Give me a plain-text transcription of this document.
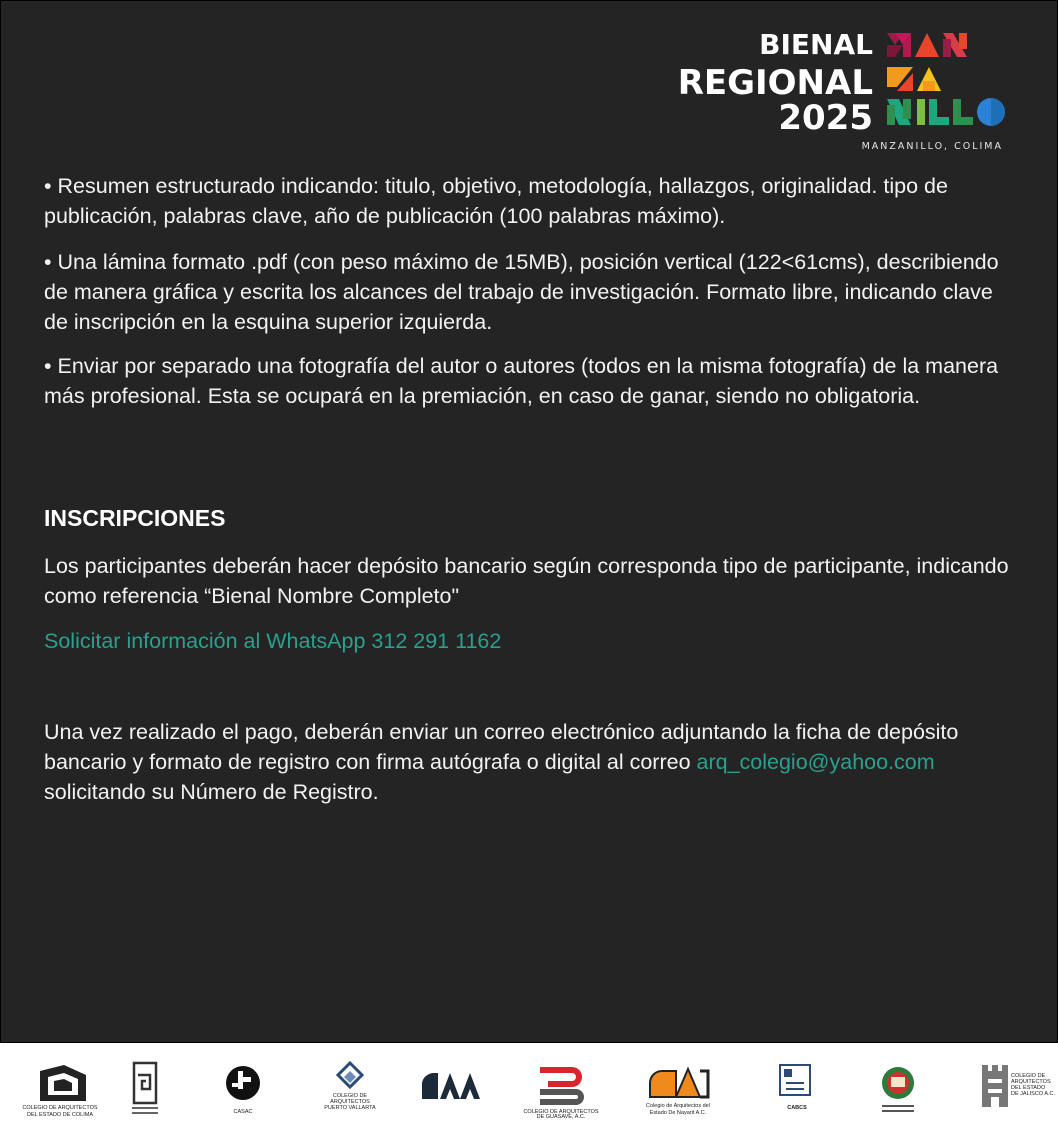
BIENAL
REGIONAL
2025
MANZANILLO, COLIMA

• Resumen estructurado indicando: titulo, objetivo, metodología, hallazgos, originalidad. tipo de publicación, palabras clave, año de publicación (100 palabras máximo).

• Una lámina formato .pdf (con peso máximo de 15MB), posición vertical (122<61cms), describiendo de manera gráfica y escrita los alcances del trabajo de investigación. Formato libre, indicando clave de inscripción en la esquina superior izquierda.

• Enviar por separado una fotografía del autor o autores (todos en la misma fotografía) de la manera más profesional. Esta se ocupará en la premiación, en caso de ganar, siendo no obligatoria.

INSCRIPCIONES

Los participantes deberán hacer depósito bancario según corresponda tipo de participante, indicando como referencia “Bienal Nombre Completo"

Solicitar información al WhatsApp 312 291 1162

Una vez realizado el pago, deberán enviar un correo electrónico adjuntando la ficha de depósito bancario y formato de registro con firma autógrafa o digital al correo arq_colegio@yahoo.com solicitando su Número de Registro.

COLEGIO DE ARQUITECTOS
DEL ESTADO DE COLIMA	CASAC
COLEGIO DE
ARQUITECTOS
PUERTO VALLARTA
COLEGIO DE ARQUITECTOS
DE GUASAVE, A.C.
Colegio de Arquitectos del
Estado De Nayarit A.C.
CABCS
COLEGIO DE
ARQUITECTOS
DEL ESTADO
DE JALISCO A.C.
